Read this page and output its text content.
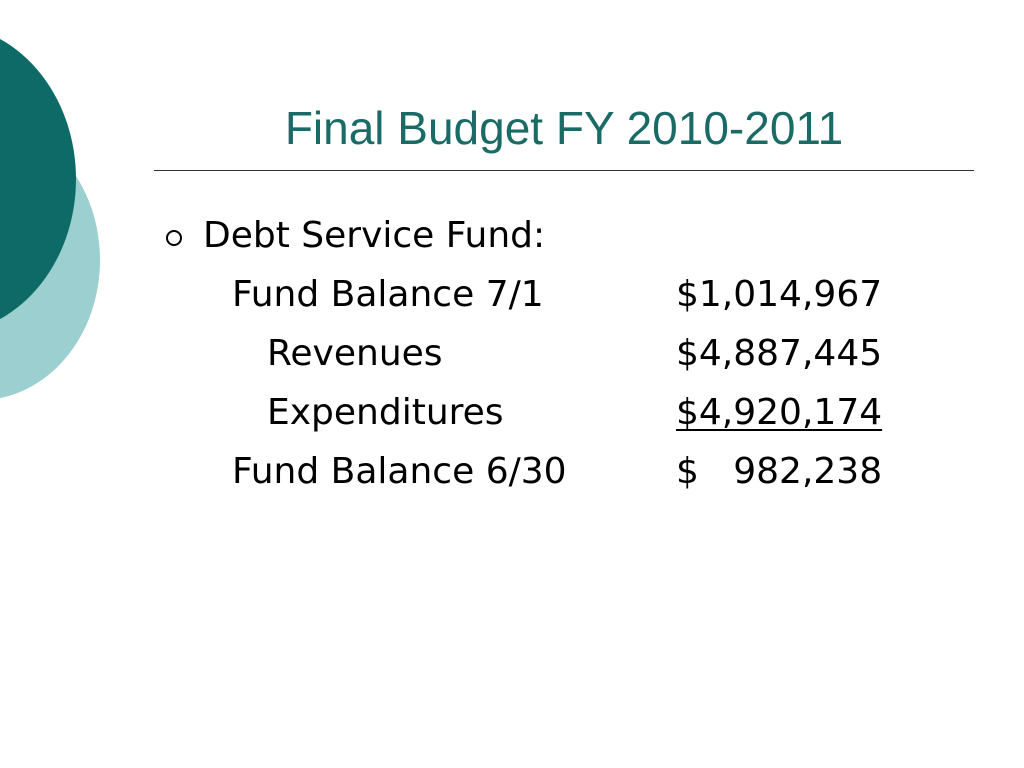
Final Budget FY 2010-2011
Debt Service Fund:
Fund Balance 7/1	$1,014,967
Revenues	$4,887,445
Expenditures	$4,920,174
Fund Balance 6/30	$   982,238
